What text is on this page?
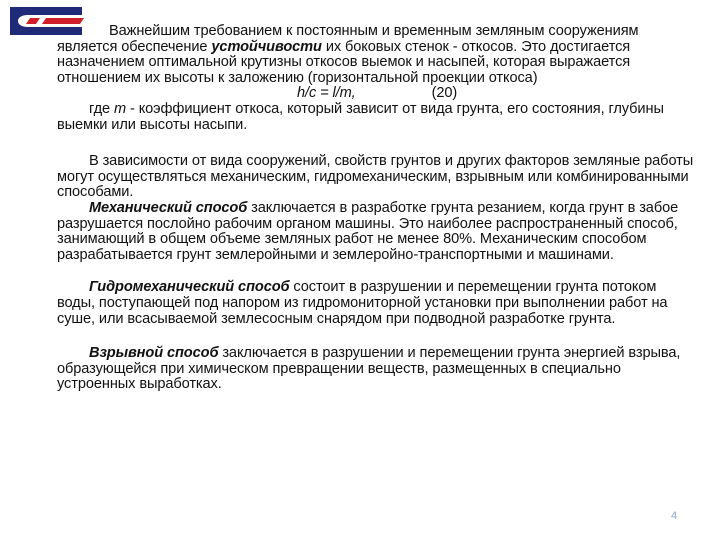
Важнейшим требованием к постоянным и временным земляным сооружениям является обеспечение устойчивости их боковых стенок - откосов. Это достигается назначением оптимальной крутизны откосов выемок и насыпей, которая выражается отношением их высоты к заложению (горизонтальной проекции откоса)

h/c = l/m,	(20)

где m - коэффициент откоса, который зависит от вида грунта, его состояния, глубины выемки или высоты насыпи.

В зависимости от вида сооружений, свойств грунтов и других факторов земляные работы могут осуществляться механическим, гидромеханическим, взрывным или комбинированными способами.

Механический способ заключается в разработке грунта резанием, когда грунт в забое разрушается послойно рабочим органом машины. Это наиболее распространенный способ, занимающий в общем объеме земляных работ не менее 80%. Механическим способом разрабатывается грунт землеройными и землеройно-транспортными и машинами.

Гидромеханический способ состоит в разрушении и перемещении грунта потоком воды, поступающей под напором из гидромониторной установки при выполнении работ на суше, или всасываемой землесосным снарядом при подводной разработке грунта.

Взрывной способ заключается в разрушении и перемещении грунта энергией взрыва, образующейся при химическом превращении веществ, размещенных в специально устроенных выработках.

4
